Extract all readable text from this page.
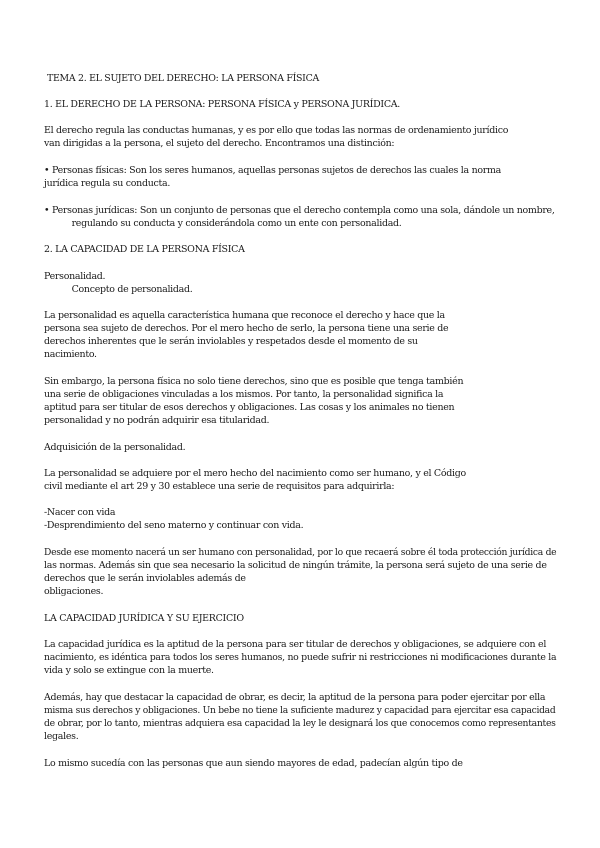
TEMA 2. EL SUJETO DEL DERECHO: LA PERSONA FÍSICA
1. EL DERECHO DE LA PERSONA: PERSONA FÍSICA y PERSONA JURÍDICA.
El derecho regula las conductas humanas, y es por ello que todas las normas de ordenamiento jurídico
van dirigidas a la persona, el sujeto del derecho. Encontramos una distinción:
• Personas físicas: Son los seres humanos, aquellas personas sujetos de derechos las cuales la norma
jurídica regula su conducta.
• Personas jurídicas: Son un conjunto de personas que el derecho contempla como una sola, dándole un nombre,
regulando su conducta y considerándola como un ente con personalidad.
2. LA CAPACIDAD DE LA PERSONA FÍSICA
Personalidad.
Concepto de personalidad.
La personalidad es aquella característica humana que reconoce el derecho y hace que la
persona sea sujeto de derechos. Por el mero hecho de serlo, la persona tiene una serie de
derechos inherentes que le serán inviolables y respetados desde el momento de su
nacimiento.
Sin embargo, la persona física no solo tiene derechos, sino que es posible que tenga también
una serie de obligaciones vinculadas a los mismos. Por tanto, la personalidad significa la
aptitud para ser titular de esos derechos y obligaciones. Las cosas y los animales no tienen
personalidad y no podrán adquirir esa titularidad.
Adquisición de la personalidad.
La personalidad se adquiere por el mero hecho del nacimiento como ser humano, y el Código
civil mediante el art 29 y 30 establece una serie de requisitos para adquirirla:
-Nacer con vida
-Desprendimiento del seno materno y continuar con vida.
Desde ese momento nacerá un ser humano con personalidad, por lo que recaerá sobre él toda protección jurídica de
las normas. Además sin que sea necesario la solicitud de ningún trámite, la persona será sujeto de una serie de
derechos que le serán inviolables además de
obligaciones.
LA CAPACIDAD JURÍDICA Y SU EJERCICIO
La capacidad jurídica es la aptitud de la persona para ser titular de derechos y obligaciones, se adquiere con el
nacimiento, es idéntica para todos los seres humanos, no puede sufrir ni restricciones ni modificaciones durante la
vida y solo se extingue con la muerte.
Además, hay que destacar la capacidad de obrar, es decir, la aptitud de la persona para poder ejercitar por ella
misma sus derechos y obligaciones. Un bebe no tiene la suficiente madurez y capacidad para ejercitar esa capacidad
de obrar, por lo tanto, mientras adquiera esa capacidad la ley le designará los que conocemos como representantes
legales.
Lo mismo sucedía con las personas que aun siendo mayores de edad, padecían algún tipo de
